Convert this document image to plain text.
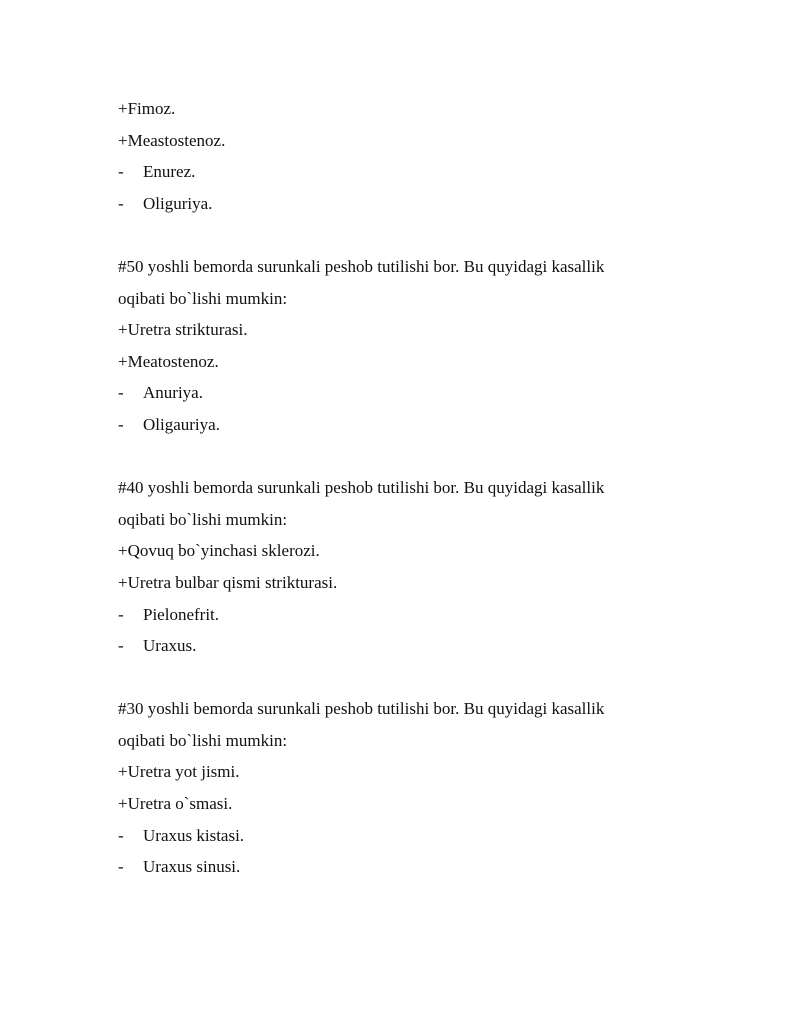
+Fimoz.
+Meastostenoz.
-	Enurez.
-	Oliguriya.
#50 yoshli bemorda surunkali peshob tutilishi bor. Bu quyidagi kasallik
oqibati bo`lishi mumkin:
+Uretra strikturasi.
+Meatostenoz.
-	Anuriya.
-	Oligauriya.
#40 yoshli bemorda surunkali peshob tutilishi bor. Bu quyidagi kasallik
oqibati bo`lishi mumkin:
+Qovuq bo`yinchasi sklerozi.
+Uretra bulbar qismi strikturasi.
-	Pielonefrit.
-	Uraxus.
#30 yoshli bemorda surunkali peshob tutilishi bor. Bu quyidagi kasallik
oqibati bo`lishi mumkin:
+Uretra yot jismi.
+Uretra o`smasi.
-	Uraxus kistasi.
-	Uraxus sinusi.
